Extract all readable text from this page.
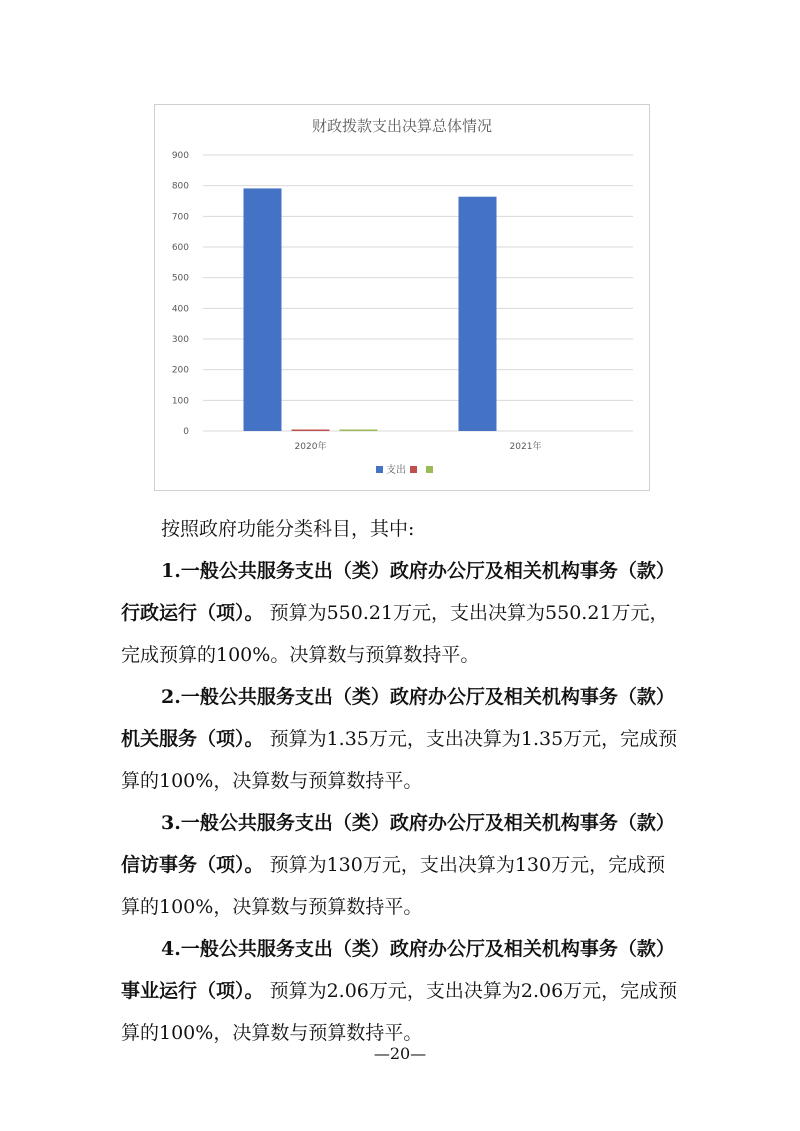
财政拨款支出决算总体情况
0
100
200
300
400
500
600
700
800
900
2020年	2021年
支出

按照政府功能分类科目，其中:

1.一般公共服务支出（类）政府办公厅及相关机构事务（款）行政运行（项）。 预算为550.21万元，支出决算为550.21万元，完成预算的100%。决算数与预算数持平。

2.一般公共服务支出（类）政府办公厅及相关机构事务（款）机关服务（项）。 预算为1.35万元，支出决算为1.35万元，完成预算的100%，决算数与预算数持平。

3.一般公共服务支出（类）政府办公厅及相关机构事务（款）信访事务（项）。 预算为130万元，支出决算为130万元，完成预算的100%，决算数与预算数持平。

4.一般公共服务支出（类）政府办公厅及相关机构事务（款）事业运行（项）。 预算为2.06万元，支出决算为2.06万元，完成预算的100%，决算数与预算数持平。

—20—
